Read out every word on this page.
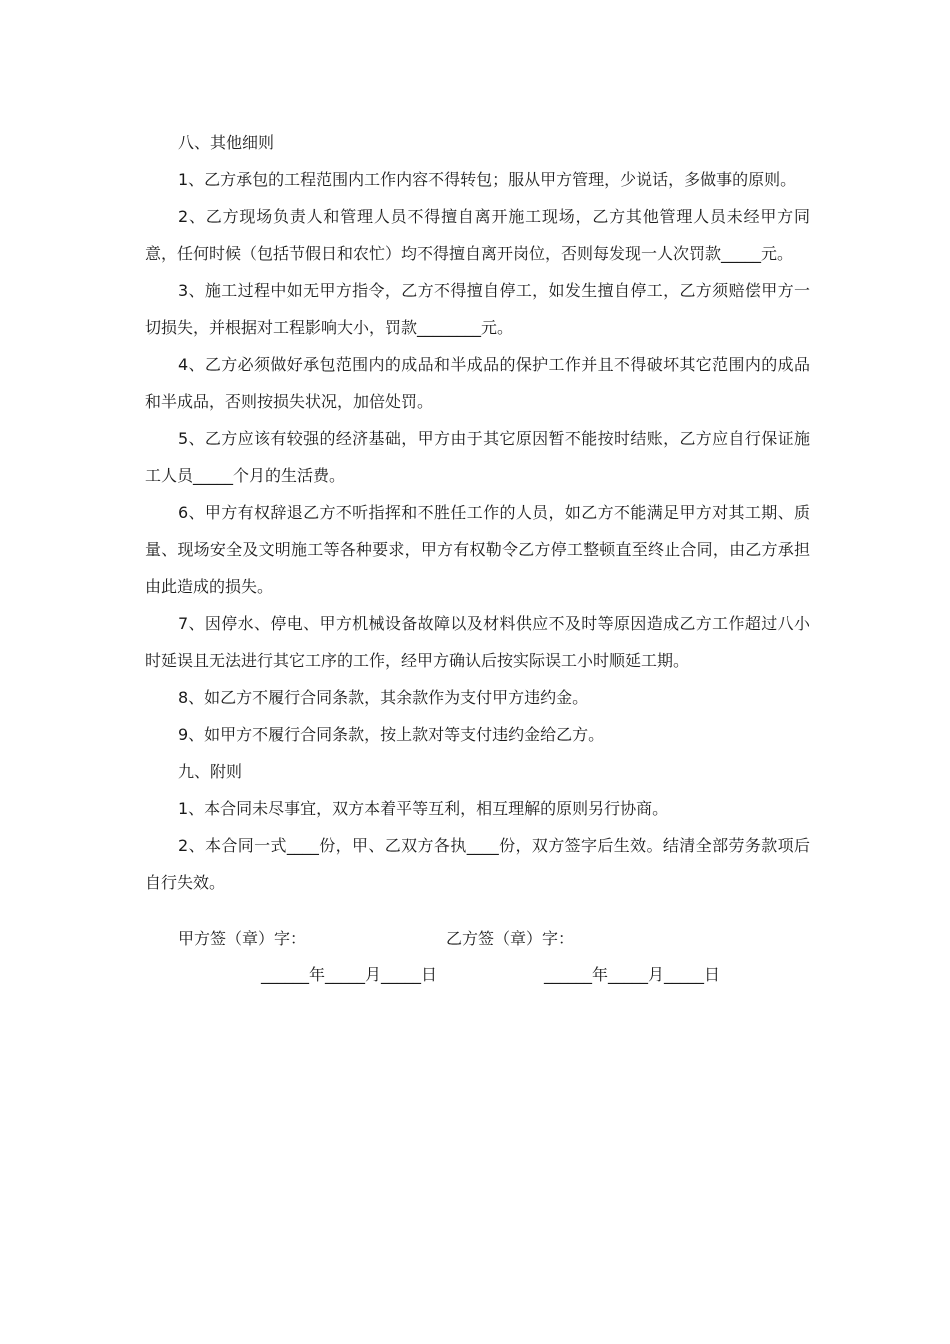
八、其他细则

1、乙方承包的工程范围内工作内容不得转包；服从甲方管理，少说话，多做事的原则。

2、乙方现场负责人和管理人员不得擅自离开施工现场，乙方其他管理人员未经甲方同意，任何时候（包括节假日和农忙）均不得擅自离开岗位，否则每发现一人次罚款_____元。

3、施工过程中如无甲方指令，乙方不得擅自停工，如发生擅自停工，乙方须赔偿甲方一切损失，并根据对工程影响大小，罚款________元。

4、乙方必须做好承包范围内的成品和半成品的保护工作并且不得破坏其它范围内的成品和半成品，否则按损失状况，加倍处罚。

5、乙方应该有较强的经济基础，甲方由于其它原因暂不能按时结账，乙方应自行保证施工人员_____个月的生活费。

6、甲方有权辞退乙方不听指挥和不胜任工作的人员，如乙方不能满足甲方对其工期、质量、现场安全及文明施工等各种要求，甲方有权勒令乙方停工整顿直至终止合同，由乙方承担由此造成的损失。

7、因停水、停电、甲方机械设备故障以及材料供应不及时等原因造成乙方工作超过八小时延误且无法进行其它工序的工作，经甲方确认后按实际误工小时顺延工期。

8、如乙方不履行合同条款，其余款作为支付甲方违约金。

9、如甲方不履行合同条款，按上款对等支付违约金给乙方。

九、附则

1、本合同未尽事宜，双方本着平等互利，相互理解的原则另行协商。

2、本合同一式____份，甲、乙双方各执____份，双方签字后生效。结清全部劳务款项后自行失效。

甲方签（章）字：	乙方签（章）字：
______年_____月_____日	______年_____月_____日
